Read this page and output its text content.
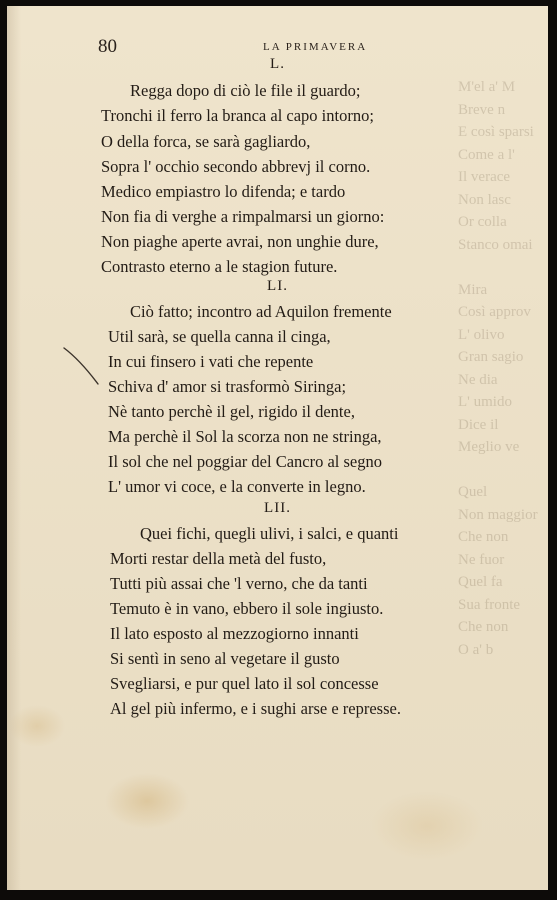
M'el a' M
Breve n
E così sparsi
Come a l'
Il verace
Non lasc
Or colla
Stanco omai

Mira
Così approv
L' olivo
Gran sagio
Ne dia
L' umido
Dice il
Meglio ve

Quel
Non maggior
Che non
Ne fuor
Quel fa
Sua fronte
Che non
O a' b
80	LA PRIMAVERA
L.
Regga dopo di ciò le file il guardo;
Tronchi il ferro la branca al capo intorno;
O della forca, se sarà gagliardo,
Sopra l' occhio secondo abbrevj il corno.
Medico empiastro lo difenda; e tardo
Non fia di verghe a rimpalmarsi un giorno:
Non piaghe aperte avrai, non unghie dure,
Contrasto eterno a le stagion future.
LI.
Ciò fatto; incontro ad Aquilon fremente
Util sarà, se quella canna il cinga,
In cui finsero i vati che repente
Schiva d' amor si trasformò Siringa;
Nè tanto perchè il gel, rigido il dente,
Ma perchè il Sol la scorza non ne stringa,
Il sol che nel poggiar del Cancro al segno
L' umor vi coce, e la converte in legno.
LII.
Quei fichi, quegli ulivi, i salci, e quanti
Morti restar della metà del fusto,
Tutti più assai che 'l verno, che da tanti
Temuto è in vano, ebbero il sole ingiusto.
Il lato esposto al mezzogiorno innanti
Si sentì in seno al vegetare il gusto
Svegliarsi, e pur quel lato il sol concesse
Al gel più infermo, e i sughi arse e represse.
